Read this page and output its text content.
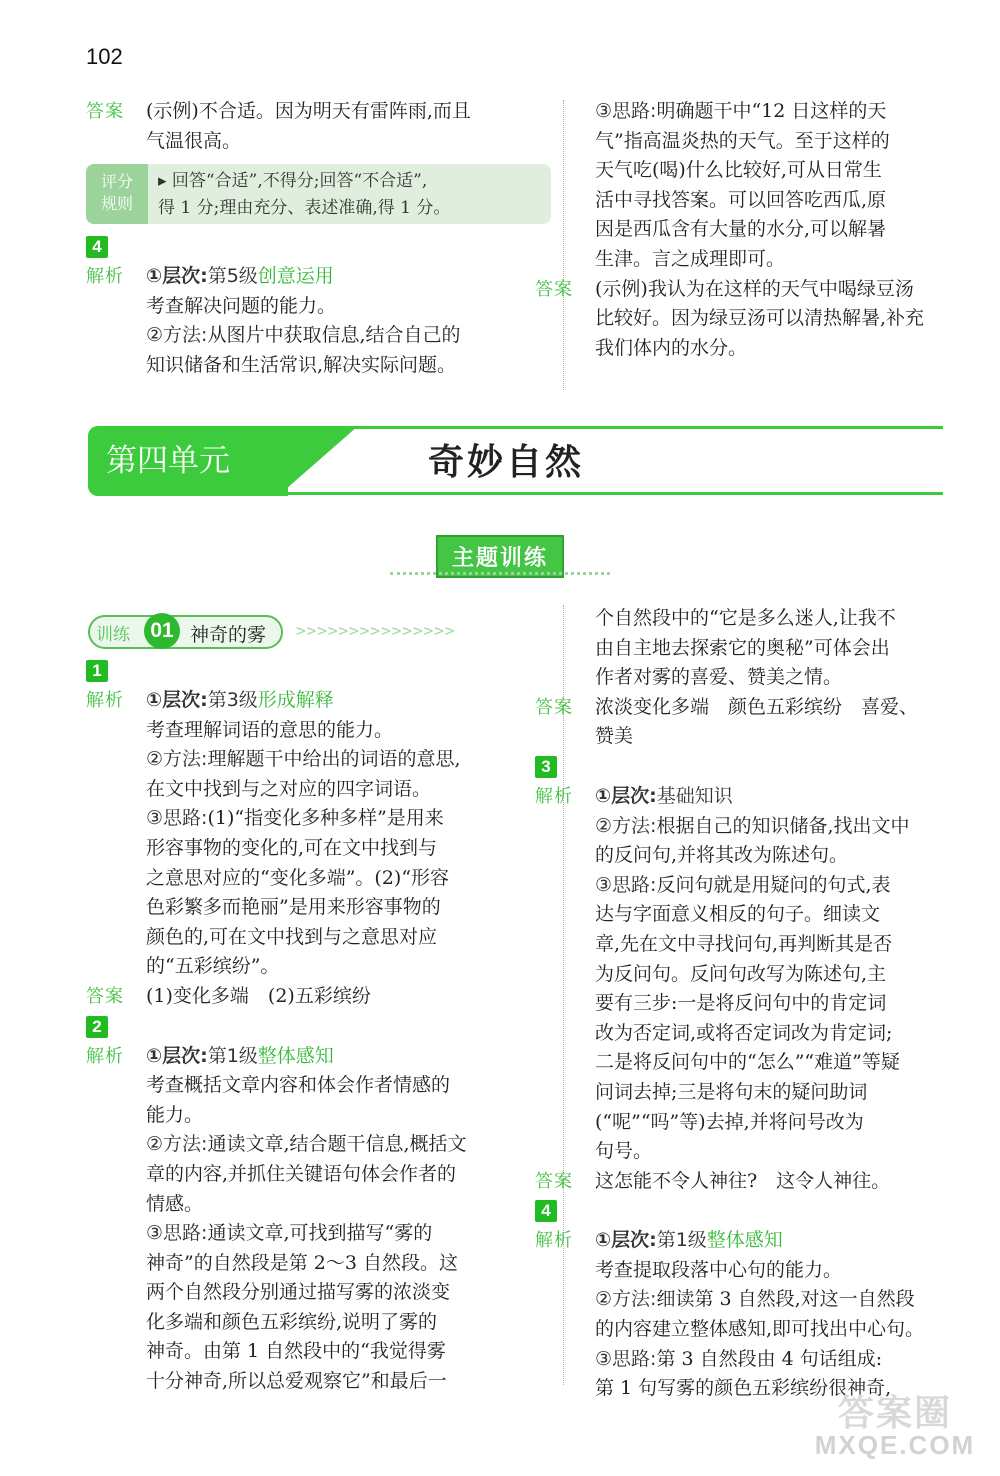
102
答案 (示例)不合适。因为明天有雷阵雨,而且
气温很高。
评分
规则
▸ 回答“合适”,不得分;回答“不合适”,
得 1 分;理由充分、表述准确,得 1 分。
4
解析 ①层次:第5级创意运用
考查解决问题的能力。
②方法:从图片中获取信息,结合自己的
知识储备和生活常识,解决实际问题。
③思路:明确题干中“12 日这样的天
气”指高温炎热的天气。至于这样的
天气吃(喝)什么比较好,可从日常生
活中寻找答案。可以回答吃西瓜,原
因是西瓜含有大量的水分,可以解暑
生津。言之成理即可。
答案 (示例)我认为在这样的天气中喝绿豆汤
比较好。因为绿豆汤可以清热解暑,补充
我们体内的水分。
第四单元	奇妙自然
主题训练
训练 01 神奇的雾 >>>>>>>>>>>>>>>
1
解析 ①层次:第3级形成解释
考查理解词语的意思的能力。
②方法:理解题干中给出的词语的意思,
在文中找到与之对应的四字词语。
③思路:(1)“指变化多种多样”是用来
形容事物的变化的,可在文中找到与
之意思对应的“变化多端”。(2)“形容
色彩繁多而艳丽”是用来形容事物的
颜色的,可在文中找到与之意思对应
的“五彩缤纷”。
答案 (1)变化多端　(2)五彩缤纷
2
解析 ①层次:第1级整体感知
考查概括文章内容和体会作者情感的
能力。
②方法:通读文章,结合题干信息,概括文
章的内容,并抓住关键语句体会作者的
情感。
③思路:通读文章,可找到描写“雾的
神奇”的自然段是第 2～3 自然段。这
两个自然段分别通过描写雾的浓淡变
化多端和颜色五彩缤纷,说明了雾的
神奇。由第 1 自然段中的“我觉得雾
十分神奇,所以总爱观察它”和最后一
个自然段中的“它是多么迷人,让我不
由自主地去探索它的奥秘”可体会出
作者对雾的喜爱、赞美之情。
答案 浓淡变化多端　颜色五彩缤纷　喜爱、
赞美
3
解析 ①层次:基础知识
②方法:根据自己的知识储备,找出文中
的反问句,并将其改为陈述句。
③思路:反问句就是用疑问的句式,表
达与字面意义相反的句子。细读文
章,先在文中寻找问句,再判断其是否
为反问句。反问句改写为陈述句,主
要有三步:一是将反问句中的肯定词
改为否定词,或将否定词改为肯定词;
二是将反问句中的“怎么”“难道”等疑
问词去掉;三是将句末的疑问助词
(“呢”“吗”等)去掉,并将问号改为
句号。
答案 这怎能不令人神往?　这令人神往。
4
解析 ①层次:第1级整体感知
考查提取段落中心句的能力。
②方法:细读第 3 自然段,对这一自然段
的内容建立整体感知,即可找出中心句。
③思路:第 3 自然段由 4 句话组成:
第 1 句写雾的颜色五彩缤纷很神奇,
答案圈
MXQE.COM
